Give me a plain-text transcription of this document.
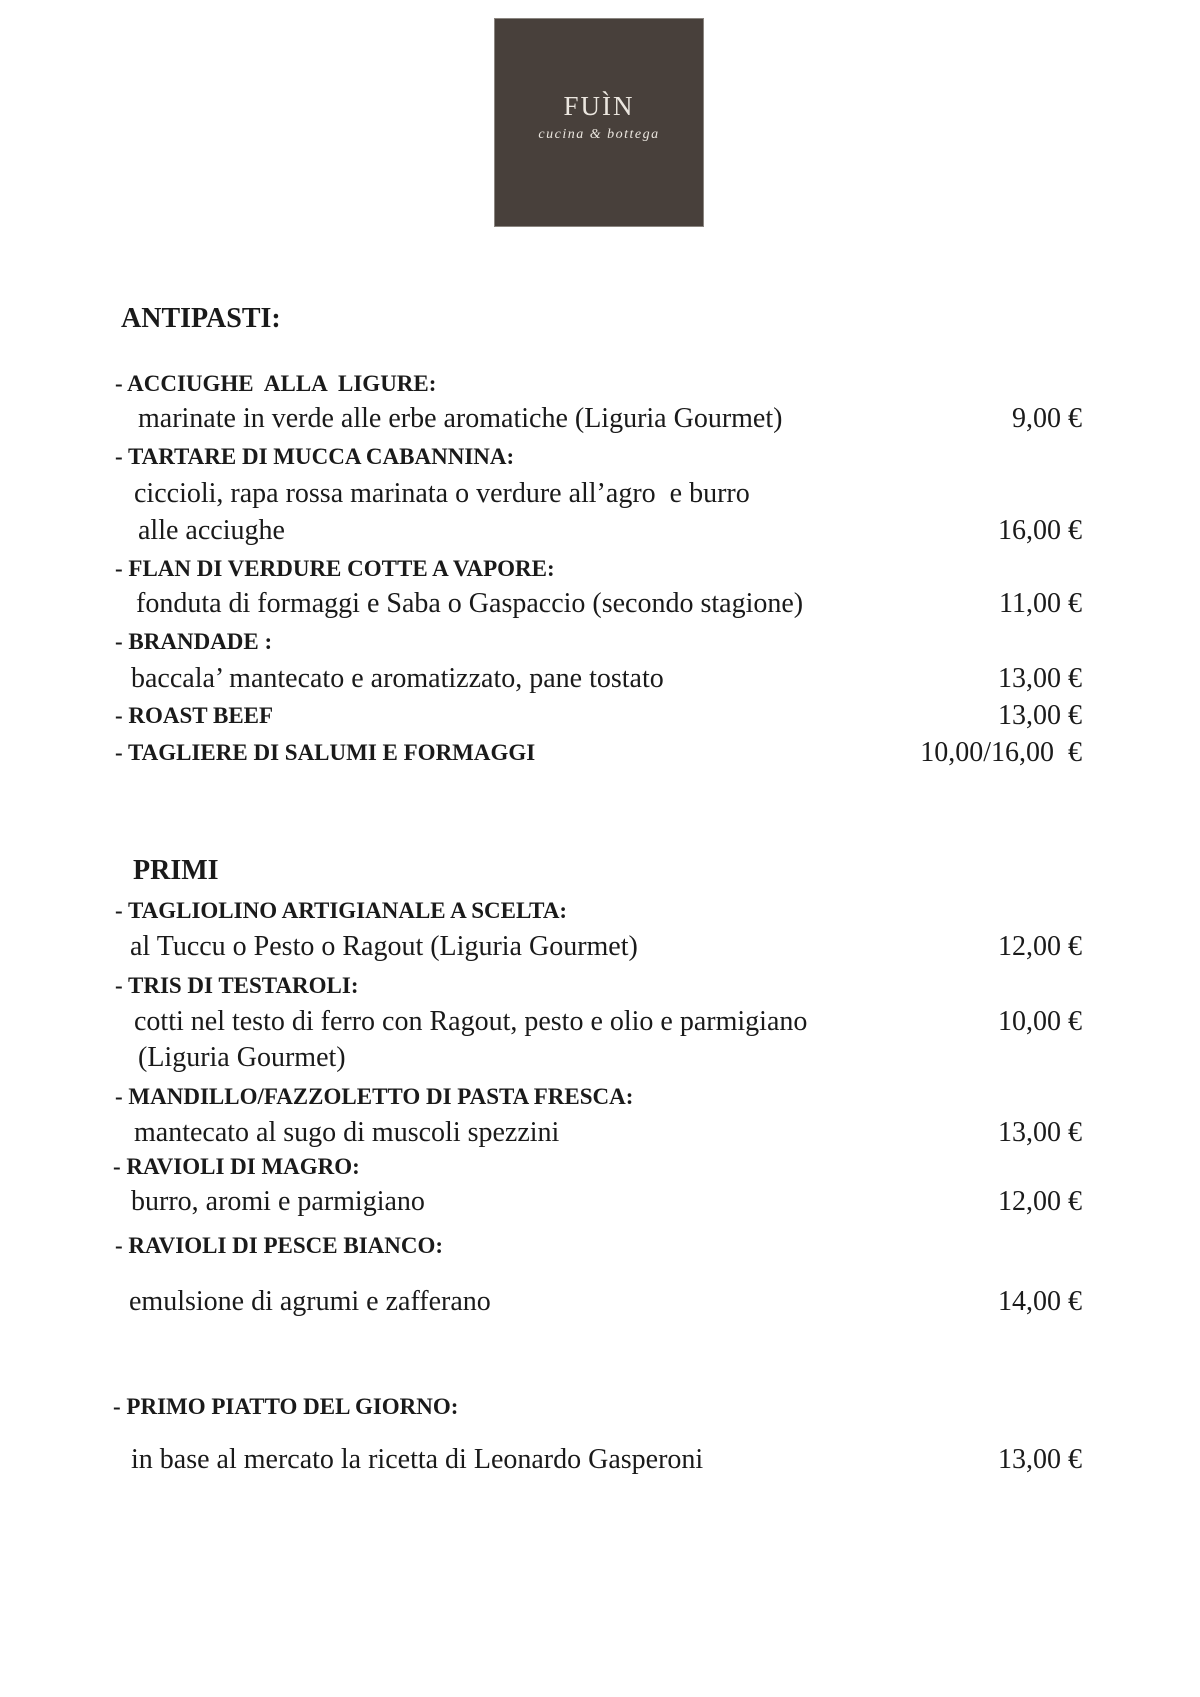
FUÌN
cucina & bottega
ANTIPASTI:
- ACCIUGHE  ALLA  LIGURE:
marinate in verde alle erbe aromatiche (Liguria Gourmet)	9,00 €
- TARTARE DI MUCCA CABANNINA:
ciccioli, rapa rossa marinata o verdure all’agro  e burro
alle acciughe	16,00 €
- FLAN DI VERDURE COTTE A VAPORE:
fonduta di formaggi e Saba o Gaspaccio (secondo stagione)	11,00 €
- BRANDADE :
baccala’ mantecato e aromatizzato, pane tostato	13,00 €
- ROAST BEEF	13,00 €
- TAGLIERE DI SALUMI E FORMAGGI	10,00/16,00  €
PRIMI
- TAGLIOLINO ARTIGIANALE A SCELTA:
al Tuccu o Pesto o Ragout (Liguria Gourmet)	12,00 €
- TRIS DI TESTAROLI:
cotti nel testo di ferro con Ragout, pesto e olio e parmigiano	10,00 €
(Liguria Gourmet)
- MANDILLO/FAZZOLETTO DI PASTA FRESCA:
mantecato al sugo di muscoli spezzini	13,00 €
- RAVIOLI DI MAGRO:
burro, aromi e parmigiano	12,00 €
- RAVIOLI DI PESCE BIANCO:
emulsione di agrumi e zafferano	14,00 €
- PRIMO PIATTO DEL GIORNO:
in base al mercato la ricetta di Leonardo Gasperoni	13,00 €
